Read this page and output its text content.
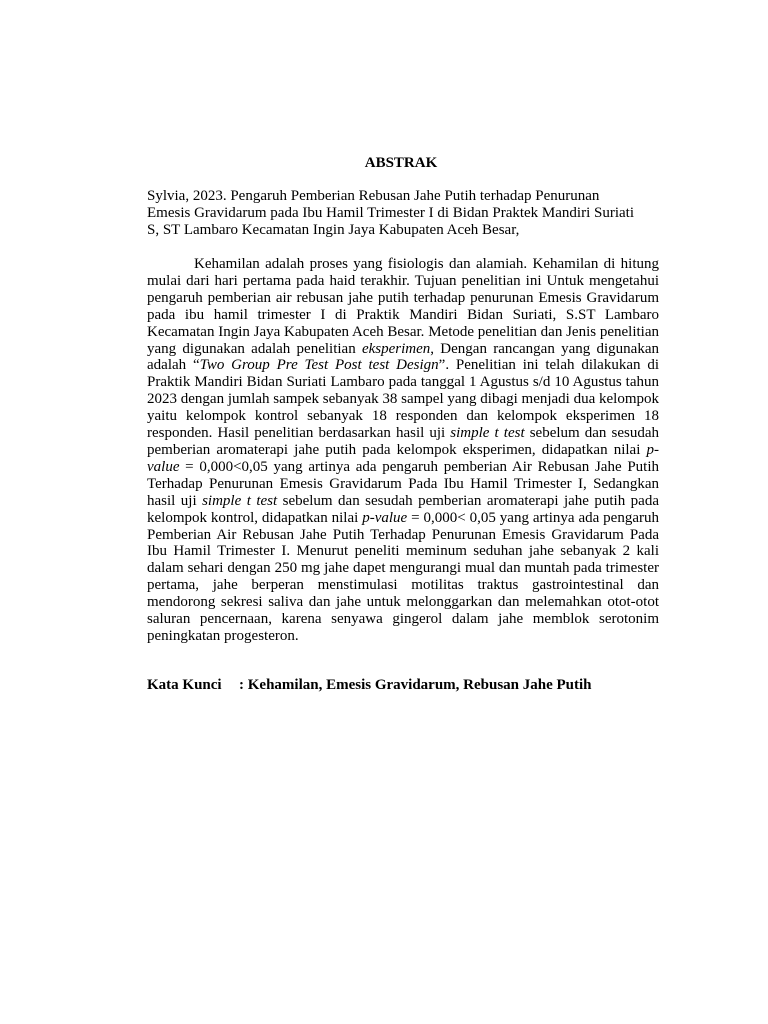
ABSTRAK
Sylvia, 2023. Pengaruh Pemberian Rebusan Jahe Putih terhadap Penurunan
Emesis Gravidarum pada Ibu Hamil Trimester I di Bidan Praktek Mandiri Suriati
S, ST Lambaro Kecamatan Ingin Jaya Kabupaten Aceh Besar,

Kehamilan adalah proses yang fisiologis dan alamiah. Kehamilan di hitung mulai dari hari pertama pada haid terakhir. Tujuan penelitian ini Untuk mengetahui pengaruh pemberian air rebusan jahe putih terhadap penurunan Emesis Gravidarum pada ibu hamil trimester I di Praktik Mandiri Bidan Suriati, S.ST Lambaro Kecamatan Ingin Jaya Kabupaten Aceh Besar. Metode penelitian dan Jenis penelitian yang digunakan adalah penelitian eksperimen, Dengan rancangan yang digunakan adalah “Two Group Pre Test Post test Design”. Penelitian ini telah dilakukan di Praktik Mandiri Bidan Suriati Lambaro pada tanggal 1 Agustus s/d 10 Agustus tahun 2023 dengan jumlah sampek sebanyak 38 sampel yang dibagi menjadi dua kelompok yaitu kelompok kontrol sebanyak 18 responden dan kelompok eksperimen 18 responden. Hasil penelitian berdasarkan hasil uji simple t test sebelum dan sesudah pemberian aromaterapi jahe putih pada kelompok eksperimen, didapatkan nilai p-value = 0,000<0,05 yang artinya ada pengaruh pemberian Air Rebusan Jahe Putih Terhadap Penurunan Emesis Gravidarum Pada Ibu Hamil Trimester I, Sedangkan hasil uji simple t test sebelum dan sesudah pemberian aromaterapi jahe putih pada kelompok kontrol, didapatkan nilai p-value = 0,000< 0,05 yang artinya ada pengaruh Pemberian Air Rebusan Jahe Putih Terhadap Penurunan Emesis Gravidarum Pada Ibu Hamil Trimester I. Menurut peneliti meminum seduhan jahe sebanyak 2 kali dalam sehari dengan 250 mg jahe dapet mengurangi mual dan muntah pada trimester pertama, jahe berperan menstimulasi motilitas traktus gastrointestinal dan mendorong sekresi saliva dan jahe untuk melonggarkan dan melemahkan otot-otot saluran pencernaan, karena senyawa gingerol dalam jahe memblok serotonim peningkatan progesteron.

Kata Kunci : Kehamilan, Emesis Gravidarum, Rebusan Jahe Putih
